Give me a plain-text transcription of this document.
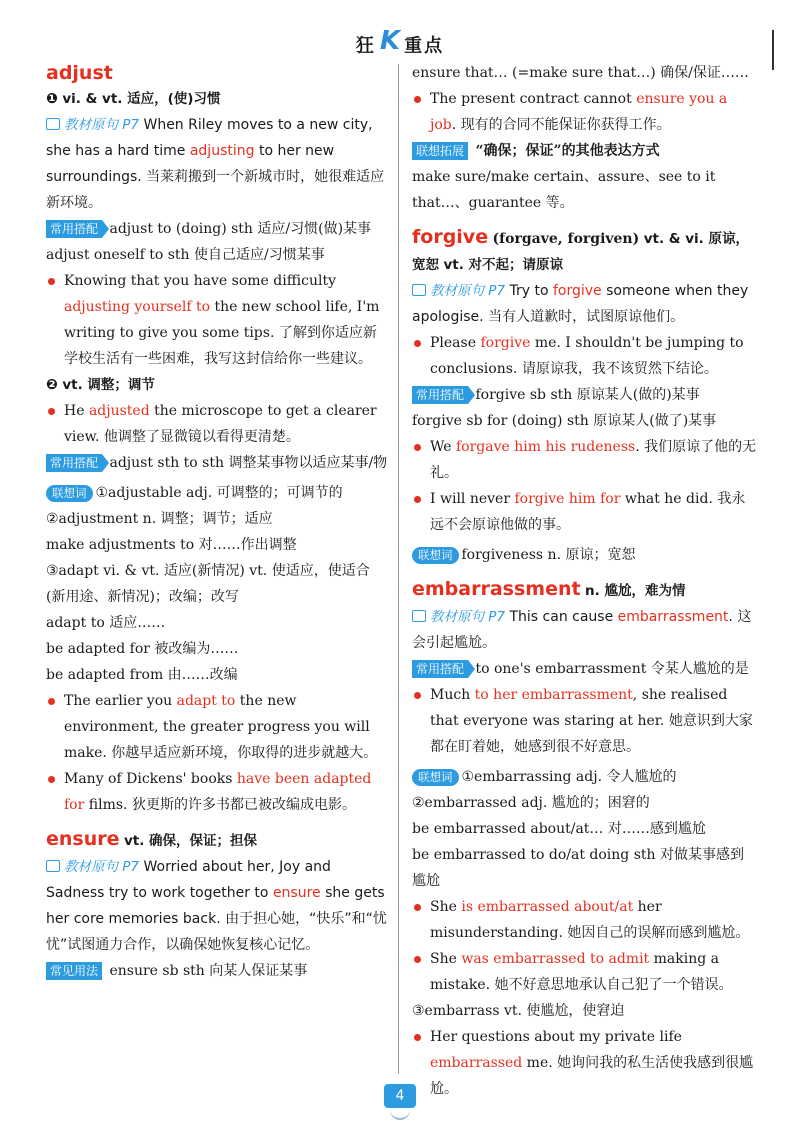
狂 K 重点
adjust

❶ vi. & vt. 适应，(使)习惯

教材原句 P7 When Riley moves to a new city, she has a hard time adjusting to her new surroundings. 当莱莉搬到一个新城市时，她很难适应新环境。

常用搭配 adjust to (doing) sth 适应/习惯(做)某事

adjust oneself to sth 使自己适应/习惯某事

Knowing that you have some difficulty adjusting yourself to the new school life, I'm writing to give you some tips. 了解到你适应新学校生活有一些困难，我写这封信给你一些建议。

❷ vt. 调整；调节

He adjusted the microscope to get a clearer view. 他调整了显微镜以看得更清楚。

常用搭配 adjust sth to sth 调整某事物以适应某事/物

联想词 ①adjustable adj. 可调整的；可调节的

②adjustment n. 调整；调节；适应

make adjustments to 对……作出调整

③adapt vi. & vt. 适应(新情况) vt. 使适应，使适合(新用途、新情况)；改编；改写

adapt to 适应……

be adapted for 被改编为……

be adapted from 由……改编

The earlier you adapt to the new environment, the greater progress you will make. 你越早适应新环境，你取得的进步就越大。
Many of Dickens' books have been adapted for films. 狄更斯的许多书都已被改编成电影。
ensure vt. 确保，保证；担保

教材原句 P7 Worried about her, Joy and Sadness try to work together to ensure she gets her core memories back. 由于担心她，“快乐”和“忧忧”试图通力合作，以确保她恢复核心记忆。

常见用法 ensure sb sth 向某人保证某事

ensure that… (=make sure that…) 确保/保证……

The present contract cannot ensure you a job. 现有的合同不能保证你获得工作。

联想拓展 “确保；保证”的其他表达方式

make sure/make certain、assure、see to it that…、guarantee 等。

forgive (forgave, forgiven) vt. & vi. 原谅，宽恕 vt. 对不起；请原谅

教材原句 P7 Try to forgive someone when they apologise. 当有人道歉时，试图原谅他们。

Please forgive me. I shouldn't be jumping to conclusions. 请原谅我，我不该贸然下结论。

常用搭配 forgive sb sth 原谅某人(做的)某事

forgive sb for (doing) sth 原谅某人(做了)某事

We forgave him his rudeness. 我们原谅了他的无礼。
I will never forgive him for what he did. 我永远不会原谅他做的事。

联想词 forgiveness n. 原谅；宽恕

embarrassment n. 尴尬，难为情

教材原句 P7 This can cause embarrassment. 这会引起尴尬。

常用搭配 to one's embarrassment 令某人尴尬的是

Much to her embarrassment, she realised that everyone was staring at her. 她意识到大家都在盯着她，她感到很不好意思。

联想词 ①embarrassing adj. 令人尴尬的

②embarrassed adj. 尴尬的；困窘的

be embarrassed about/at… 对……感到尴尬

be embarrassed to do/at doing sth 对做某事感到尴尬

She is embarrassed about/at her misunderstanding. 她因自己的误解而感到尴尬。
She was embarrassed to admit making a mistake. 她不好意思地承认自己犯了一个错误。

③embarrass vt. 使尴尬，使窘迫

Her questions about my private life embarrassed me. 她询问我的私生活使我感到很尴尬。
4
